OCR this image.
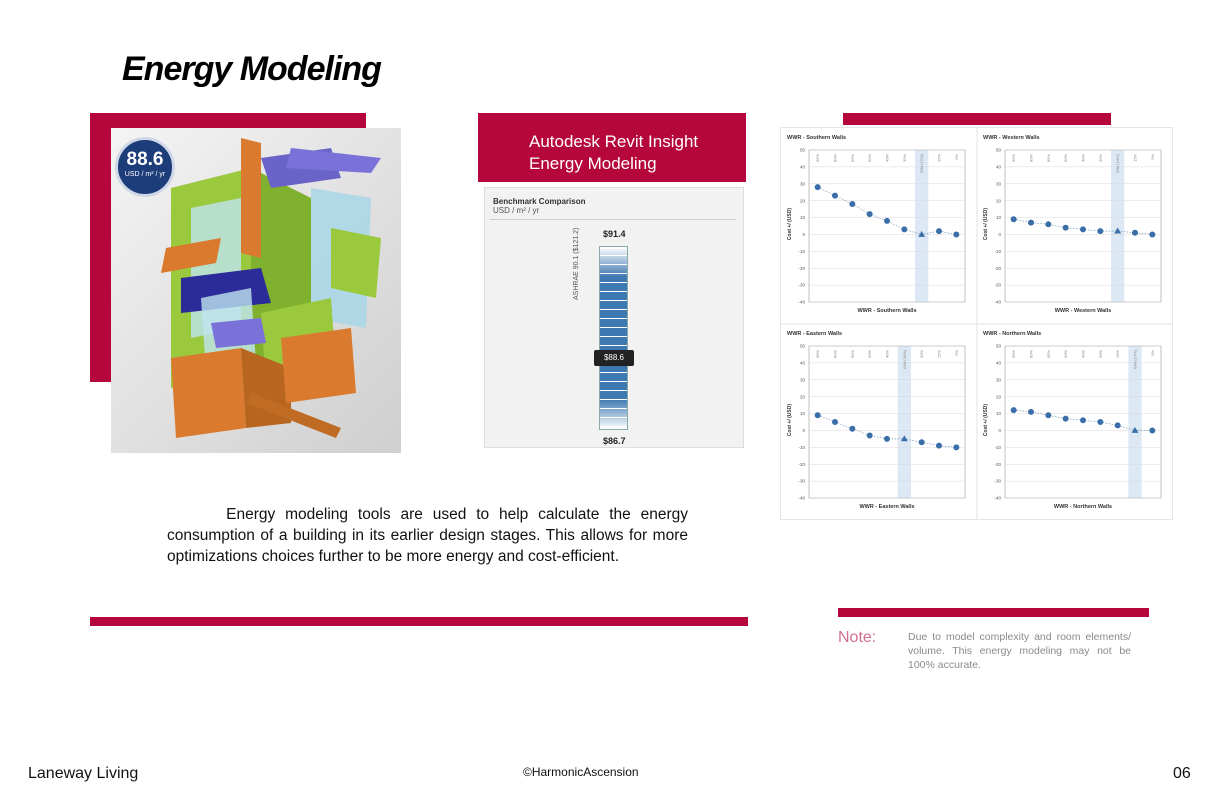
Energy Modeling
88.6
USD / m² / yr
Autodesk Revit Insight
Energy Modeling
Benchmark Comparison
USD / m² / yr
$91.4
ASHRAE 90.1 ($121.2)
$88.6
$86.7
WWR - Southern Walls
50
40
30
20
10
0
-10
-20
-30
-40
95%	80%	65%	50%	40%	30%	BIM (22%)	15%	0%
Cost +/ (USD)
WWR - Southern Walls
WWR - Western Walls
50
40
30
20
10
0
-10
-20
-30
-40
95%	80%	65%	50%	40%	30%	BIM (24%)	15%	0%
Cost +/ (USD)
WWR - Western Walls
WWR - Eastern Walls
50
40
30
20
10
0
-10
-20
-30
-40
95%	80%	65%	50%	40%	BIM (40%)	30%	15%	0%
Cost +/ (USD)
WWR - Eastern Walls
WWR - Northern Walls
50
40
30
20
10
0
-10
-20
-30
-40
95%	80%	65%	50%	40%	30%	15%	BIM (14%)	0%
Cost +/ (USD)
WWR - Northern Walls
Energy modeling tools are used to help calculate the energy consumption of a building in its earlier design stages. This allows for more optimizations choices further to be more energy and cost-efficient.
Note:	Due to model complexity and room elements/ volume. This energy modeling may not be 100% accurate.
Laneway Living	©HarmonicAscension	06
